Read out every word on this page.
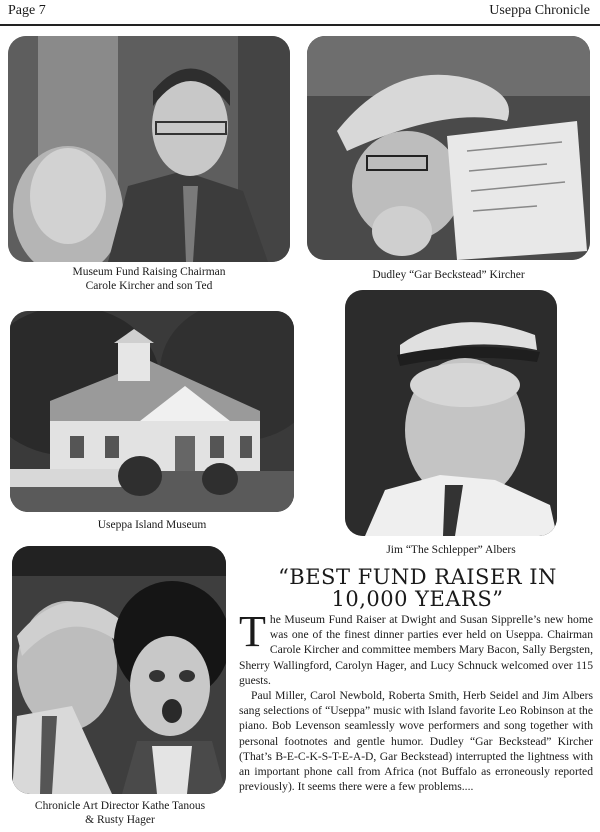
Page 7	Useppa Chronicle
Museum Fund Raising Chairman
Carole Kircher and son Ted
Dudley “Gar Beckstead” Kircher
Useppa Island Museum
Jim “The Schlepper” Albers
Chronicle Art Director Kathe Tanous
& Rusty Hager
“BEST FUND RAISER IN
10,000 YEARS”

The Museum Fund Raiser at Dwight and Susan Sipprelle’s new home was one of the finest dinner parties ever held on Useppa. Chairman Carole Kircher and committee members Mary Bacon, Sally Bergsten, Sherry Wallingford, Carolyn Hager, and Lucy Schnuck welcomed over 115 guests.

Paul Miller, Carol Newbold, Roberta Smith, Herb Seidel and Jim Albers sang selections of “Useppa” music with Island favorite Leo Robinson at the piano. Bob Levenson seamlessly wove performers and song together with personal footnotes and gentle humor. Dudley “Gar Beckstead” Kircher (That’s B-E-C-K-S-T-E-A-D, Gar Beckstead) interrupted the lightness with an important phone call from Africa (not Buffalo as erroneously reported previously). It seems there were a few problems....
